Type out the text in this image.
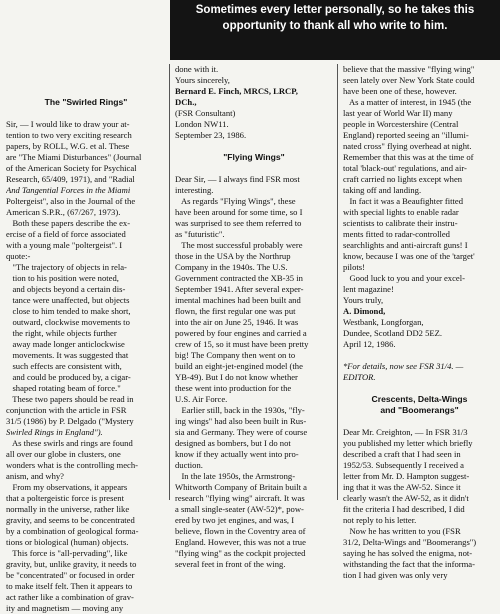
Sometimes every letter personally, so he takes this
opportunity to thank all who write to him.
The "Swirled Rings"
Sir, — I would like to draw your at-
tention to two very exciting research
papers, by ROLL, W.G. et al. These
are "The Miami Disturbances" (Journal
of the American Society for Psychical
Research, 65/409, 1971), and "Radial
And Tangential Forces in the Miami
Poltergeist", also in the Journal of the
American S.P.R., (67/267, 1973).
Both these papers describe the ex-
ercise of a field of force associated
with a young male "poltergeist". I
quote:-
"The trajectory of objects in rela-
tion to his position were noted,
and objects beyond a certain dis-
tance were unaffected, but objects
close to him tended to make short,
outward, clockwise movements to
the right, while objects further
away made longer anticlockwise
movements. It was suggested that
such effects are consistent with,
and could be produced by, a cigar-
shaped rotating beam of force."
These two papers should be read in
conjunction with the article in FSR
31/5 (1986) by P. Delgado ("Mystery
Swirled Rings in England").
As these swirls and rings are found
all over our globe in clusters, one
wonders what is the controlling mech-
anism, and why?
From my observations, it appears
that a poltergeistic force is present
normally in the universe, rather like
gravity, and seems to be concentrated
by a combination of geological forma-
tions or biological (human) objects.
This force is "all-pervading", like
gravity, but, unlike gravity, it needs to
be "concentrated" or focused in order
to make itself felt. Then it appears to
act rather like a combination of grav-
ity and magnetism — moving any
done with it.
Yours sincerely,
Bernard E. Finch, MRCS, LRCP,
DCh.,
(FSR Consultant)
London NW11.
September 23, 1986.
"Flying Wings"
Dear Sir, — I always find FSR most
interesting.
As regards "Flying Wings", these
have been around for some time, so I
was surprised to see them referred to
as "futuristic".
The most successful probably were
those in the USA by the Northrup
Company in the 1940s. The U.S.
Government contracted the XB-35 in
September 1941. After several exper-
imental machines had been built and
flown, the first regular one was put
into the air on June 25, 1946. It was
powered by four engines and carried a
crew of 15, so it must have been pretty
big! The Company then went on to
build an eight-jet-engined model (the
YB-49). But I do not know whether
these went into production for the
U.S. Air Force.
Earlier still, back in the 1930s, "fly-
ing wings" had also been built in Rus-
sia and Germany. They were of course
designed as bombers, but I do not
know if they actually went into pro-
duction.
In the late 1950s, the Armstrong-
Whitworth Company of Britain built a
research "flying wing" aircraft. It was
a small single-seater (AW-52)*, pow-
ered by two jet engines, and was, I
believe, flown in the Coventry area of
England. However, this was not a true
"flying wing" as the cockpit projected
several feet in front of the wing.
believe that the massive "flying wing"
seen lately over New York State could
have been one of these, however.
As a matter of interest, in 1945 (the
last year of World War II) many
people in Worcestershire (Central
England) reported seeing an "illumi-
nated cross" flying overhead at night.
Remember that this was at the time of
total 'black-out' regulations, and air-
craft carried no lights except when
taking off and landing.
In fact it was a Beaufighter fitted
with special lights to enable radar
scientists to calibrate their instru-
ments fitted to radar-controlled
searchlights and anti-aircraft guns! I
know, because I was one of the 'target'
pilots!
Good luck to you and your excel-
lent magazine!
Yours truly,
A. Dimond,
Westbank, Longforgan,
Dundee, Scotland DD2 5EZ.
April 12, 1986.
*For details, now see FSR 31/4. —
EDITOR.
Crescents, Delta-Wings
and "Boomerangs"
Dear Mr. Creighton, — In FSR 31/3
you published my letter which briefly
described a craft that I had seen in
1952/53. Subsequently I received a
letter from Mr. D. Hampton suggest-
ing that it was the AW-52. Since it
clearly wasn't the AW-52, as it didn't
fit the criteria I had described, I did
not reply to his letter.
Now he has written to you (FSR
31/2, Delta-Wings and "Boomerangs")
saying he has solved the enigma, not-
withstanding the fact that the informa-
tion I had given was only very
